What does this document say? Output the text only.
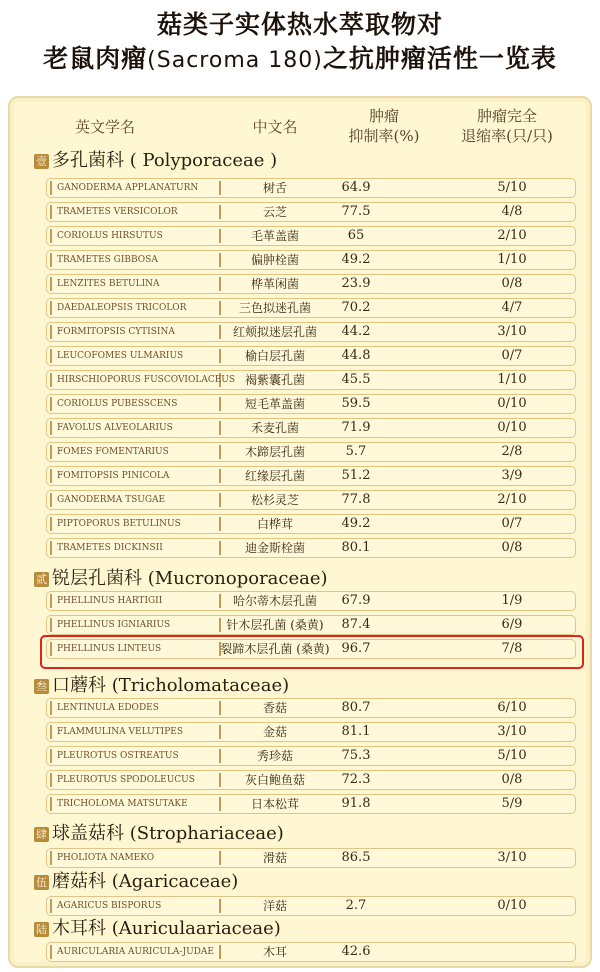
菇类子实体热水萃取物对
老鼠肉瘤(Sacroma 180)之抗肿瘤活性一览表
英文学名	中文名
肿瘤
抑制率(%)
肿瘤完全
退缩率(只/只)
壹 多孔菌科 ( Polyporaceae )
GANODERMA APPLANATURN	树舌	64.9	5/10
TRAMETES VERSICOLOR	云芝	77.5	4/8
CORIOLUS HIRSUTUS	毛革盖菌	65	2/10
TRAMETES GIBBOSA	偏肿栓菌	49.2	1/10
LENZITES BETULINA	桦革闲菌	23.9	0/8
DAEDALEOPSIS TRICOLOR	三色拟迷孔菌	70.2	4/7
FORMITOPSIS CYTISINA	红颊拟迷层孔菌	44.2	3/10
LEUCOFOMES ULMARIUS	榆白层孔菌	44.8	0/7
HIRSCHIOPORUS FUSCOVIOLACEUS 褐紫囊孔菌	45.5	1/10
CORIOLUS PUBESSCENS	短毛革盖菌	59.5	0/10
FAVOLUS ALVEOLARIUS	禾麦孔菌	71.9	0/10
FOMES FOMENTARIUS	木蹄层孔菌	5.7	2/8
FOMITOPSIS PINICOLA	红缘层孔菌	51.2	3/9
GANODERMA TSUGAE	松杉灵芝	77.8	2/10
PIPTOPORUS BETULINUS	白桦茸	49.2	0/7
TRAMETES DICKINSII	迪金斯栓菌	80.1	0/8
贰 锐层孔菌科 (Mucronoporaceae)
PHELLINUS HARTIGII	哈尔蒂木层孔菌	67.9	1/9
PHELLINUS IGNIARIUS	针木层孔菌 (桑黄)	87.4	6/9
PHELLINUS LINTEUS	裂蹄木层孔菌 (桑黄) 96.7	7/8
叁 口蘑科 (Tricholomataceae)
LENTINULA EDODES	香菇	80.7	6/10
FLAMMULINA VELUTIPES	金菇	81.1	3/10
PLEUROTUS OSTREATUS	秀珍菇	75.3	5/10
PLEUROTUS SPODOLEUCUS	灰白鲍鱼菇	72.3	0/8
TRICHOLOMA MATSUTAKE	日本松茸	91.8	5/9
肆 球盖菇科 (Strophariaceae)
PHOLIOTA NAMEKO	滑菇	86.5	3/10
伍 磨菇科 (Agaricaceae)
AGARICUS BISPORUS	洋菇	2.7	0/10
陆 木耳科 (Auriculaariaceae)
AURICULARIA AURICULA-JUDAE	木耳	42.6
